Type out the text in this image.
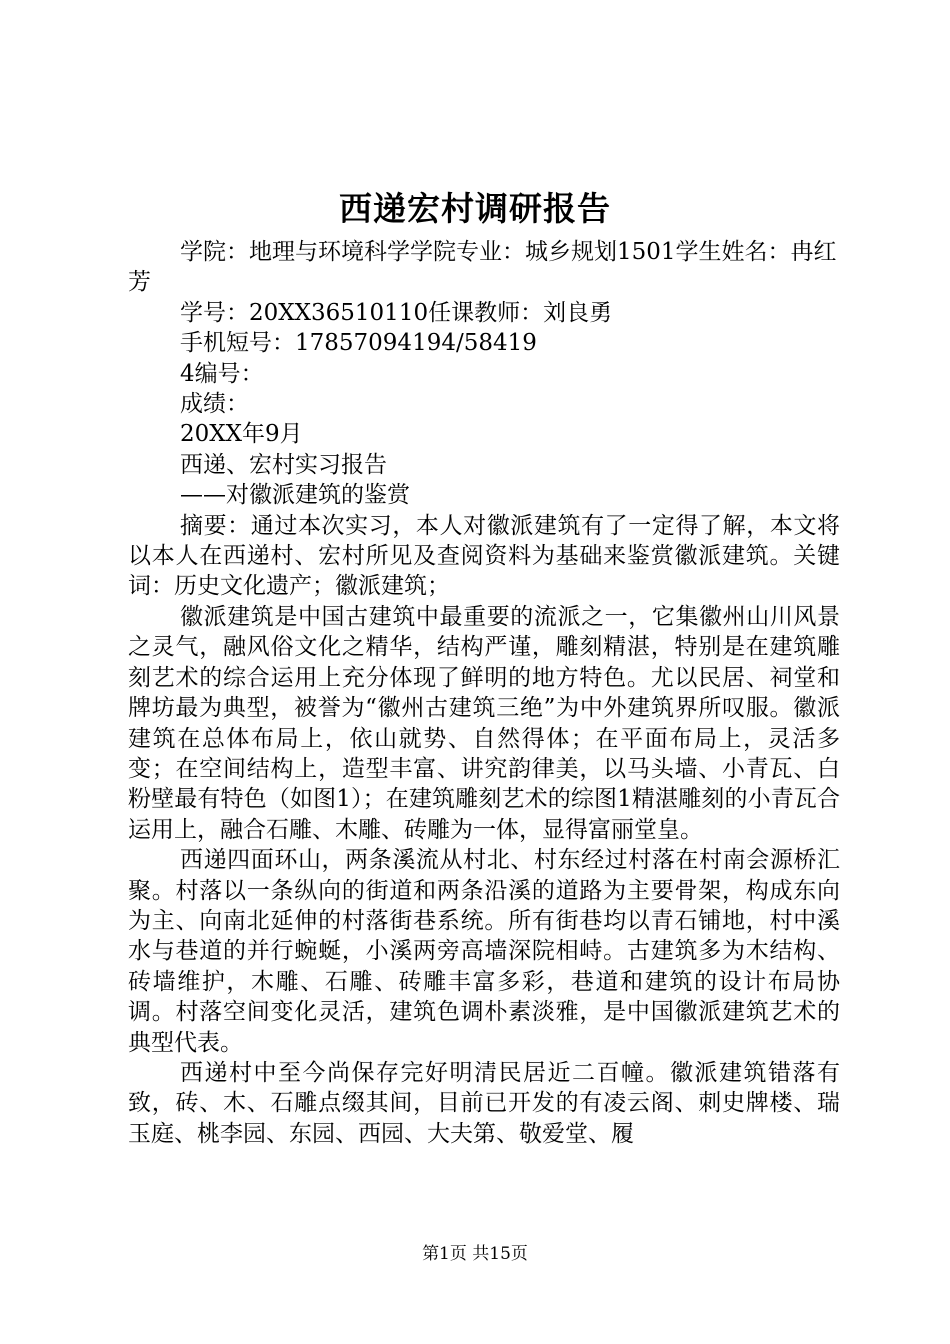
西递宏村调研报告

学院：地理与环境科学学院专业：城乡规划1501学生姓名：冉红芳

学号：20XX36510110任课教师：刘良勇

手机短号：17857094194/58419

4编号：

成绩：

20XX年9月

西递、宏村实习报告

——对徽派建筑的鉴赏

摘要：通过本次实习，本人对徽派建筑有了一定得了解，本文将以本人在西递村、宏村所见及查阅资料为基础来鉴赏徽派建筑。关键词：历史文化遗产；徽派建筑；

徽派建筑是中国古建筑中最重要的流派之一，它集徽州山川风景之灵气，融风俗文化之精华，结构严谨，雕刻精湛，特别是在建筑雕刻艺术的综合运用上充分体现了鲜明的地方特色。尤以民居、祠堂和牌坊最为典型，被誉为“徽州古建筑三绝”为中外建筑界所叹服。徽派建筑在总体布局上，依山就势、自然得体；在平面布局上，灵活多变；在空间结构上，造型丰富、讲究韵律美，以马头墙、小青瓦、白粉壁最有特色（如图1）；在建筑雕刻艺术的综图1精湛雕刻的小青瓦合运用上，融合石雕、木雕、砖雕为一体，显得富丽堂皇。

西递四面环山，两条溪流从村北、村东经过村落在村南会源桥汇聚。村落以一条纵向的街道和两条沿溪的道路为主要骨架，构成东向为主、向南北延伸的村落街巷系统。所有街巷均以青石铺地，村中溪水与巷道的并行蜿蜒，小溪两旁高墙深院相峙。古建筑多为木结构、砖墙维护，木雕、石雕、砖雕丰富多彩，巷道和建筑的设计布局协调。村落空间变化灵活，建筑色调朴素淡雅，是中国徽派建筑艺术的典型代表。

西递村中至今尚保存完好明清民居近二百幢。徽派建筑错落有致，砖、木、石雕点缀其间，目前已开发的有凌云阁、刺史牌楼、瑞玉庭、桃李园、东园、西园、大夫第、敬爱堂、履

第1页 共15页
